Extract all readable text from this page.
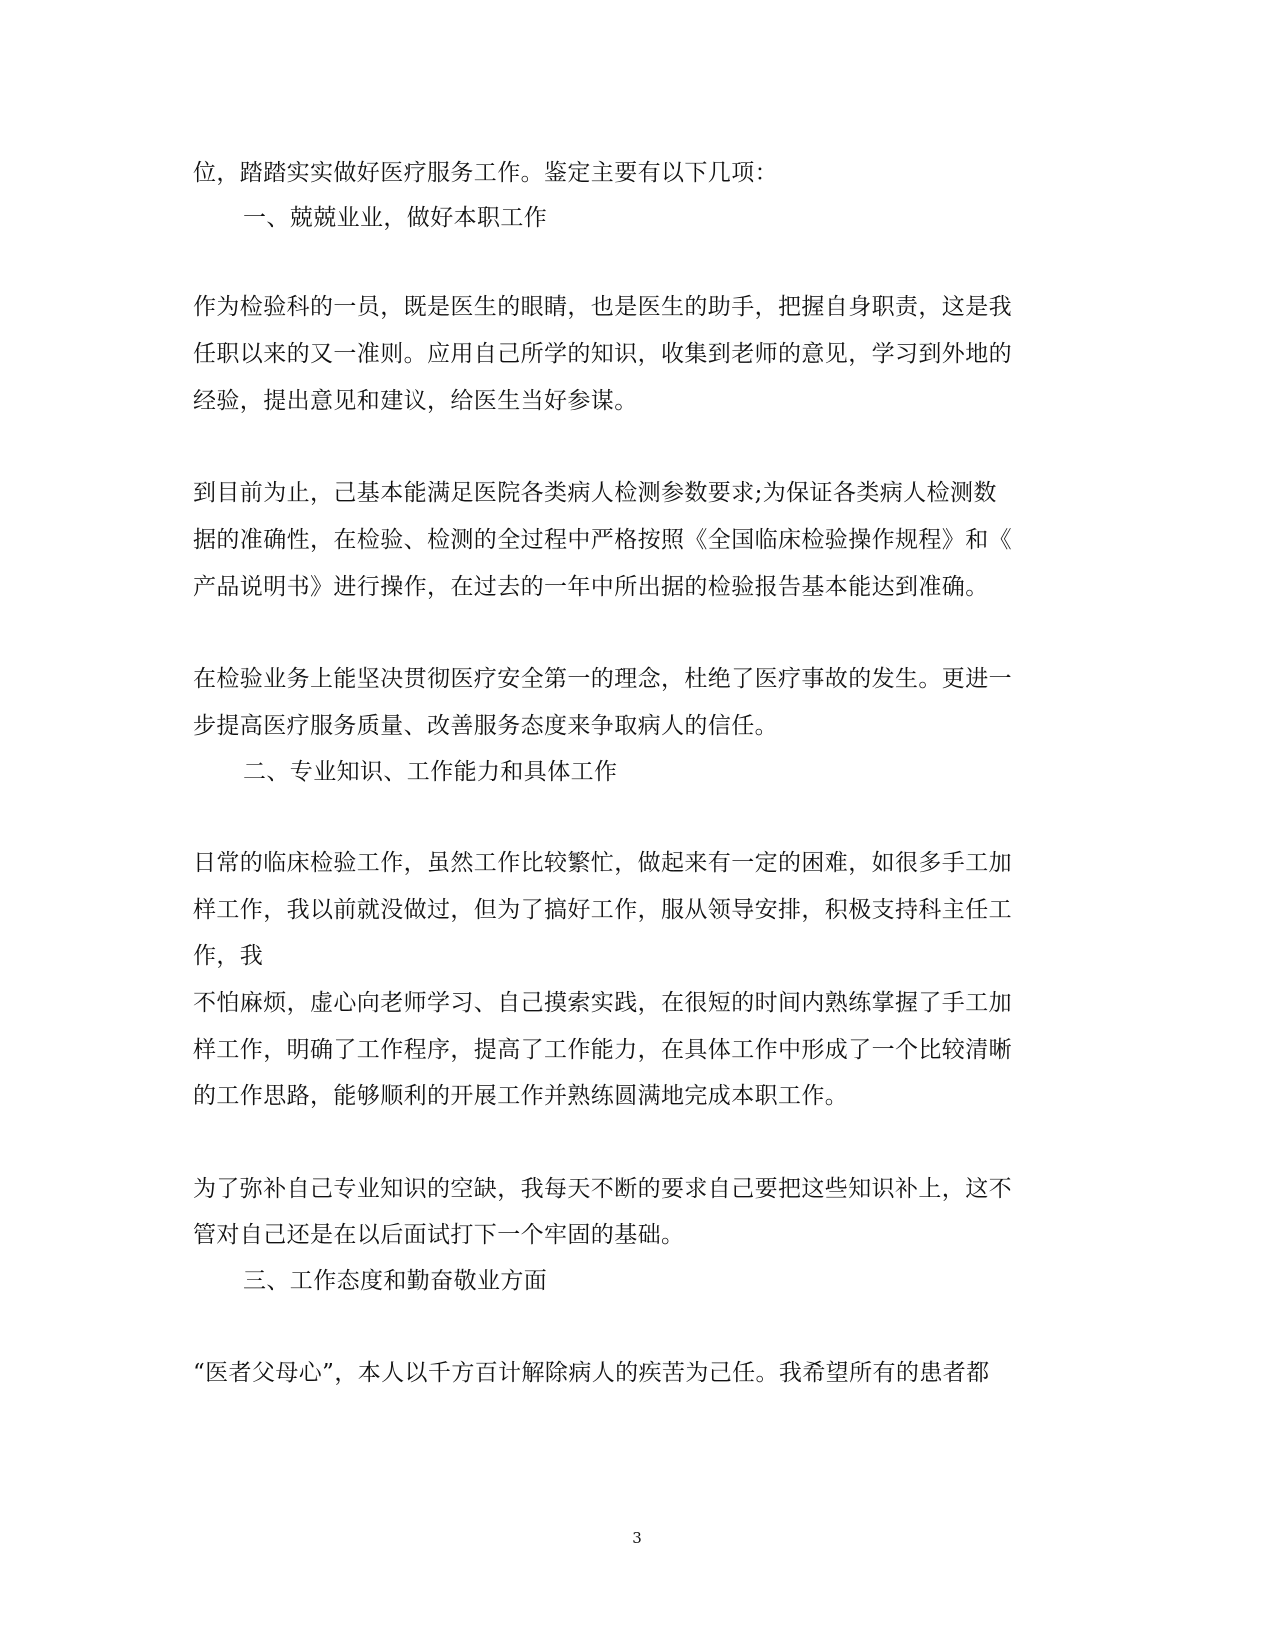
位，踏踏实实做好医疗服务工作。鉴定主要有以下几项：
一、兢兢业业，做好本职工作
作为检验科的一员，既是医生的眼睛，也是医生的助手，把握自身职责，这是我
任职以来的又一准则。应用自己所学的知识，收集到老师的意见，学习到外地的
经验，提出意见和建议，给医生当好参谋。
到目前为止，己基本能满足医院各类病人检测参数要求;为保证各类病人检测数
据的准确性，在检验、检测的全过程中严格按照《全国临床检验操作规程》和《
产品说明书》进行操作，在过去的一年中所出据的检验报告基本能达到准确。
在检验业务上能坚决贯彻医疗安全第一的理念，杜绝了医疗事故的发生。更进一
步提高医疗服务质量、改善服务态度来争取病人的信任。
二、专业知识、工作能力和具体工作
日常的临床检验工作，虽然工作比较繁忙，做起来有一定的困难，如很多手工加
样工作，我以前就没做过，但为了搞好工作，服从领导安排，积极支持科主任工
作，我
不怕麻烦，虚心向老师学习、自己摸索实践，在很短的时间内熟练掌握了手工加
样工作，明确了工作程序，提高了工作能力，在具体工作中形成了一个比较清晰
的工作思路，能够顺利的开展工作并熟练圆满地完成本职工作。
为了弥补自己专业知识的空缺，我每天不断的要求自己要把这些知识补上，这不
管对自己还是在以后面试打下一个牢固的基础。
三、工作态度和勤奋敬业方面
“医者父母心”，本人以千方百计解除病人的疾苦为己任。我希望所有的患者都
3
